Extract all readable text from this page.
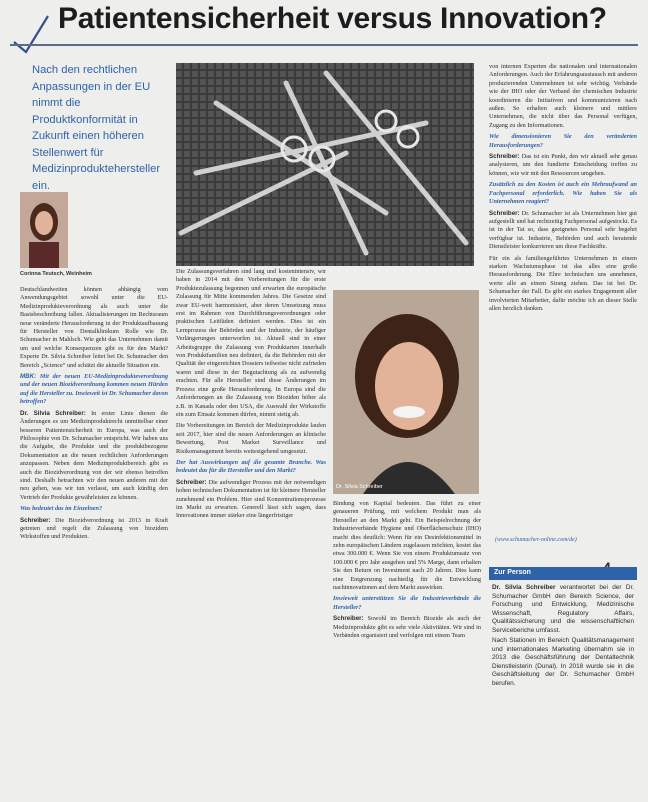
Patientensicherheit versus Innovation?
Nach den rechtlichen Anpassungen in der EU nimmt die Produktkonformität in Zukunft einen höheren Stellenwert für Medizinproduktehersteller ein.
Corinna Teutsch, Weinheim

Deutschlandweiten können abhängig vom Anwendungsgebiet sowohl unter die EU-Medizinprodukteverordnung als auch unter die Basisbeschreibung fallen. Aktualisierungen im Rechtsraum neue veränderte Herausforderung in der Produktaufbauung für Hersteller von Dentalklinikum Rolle wie Dr. Schumacher in Mahlsch. Wie geht das Unternehmen damit um und welche Konsequenzen gibt es für den Markt? Experte Dr. Silvia Schreiber leitet bei Dr. Schumacher den Bereich „Science“ und schätzt die aktuelle Situation ein.

MBK: Mit der neuen EU-Medizinprodukteverordnung und der neuen Biozidverordnung kommen neuen Hürden auf die Hersteller zu. Inwieweit ist Dr. Schumacher davon betroffen?

Dr. Silvia Schreiber: In erster Linie dienen die Änderungen es um Medizinproduktrecht unmittelbar einer besseren Patientensicherheit in Europa, was auch der Philosophie von Dr. Schumacher entspricht. Wir haben uns die Aufgabe, die Produkte und die produktbezogene Dokumentation an die neuen rechtlichen Anforderungen anzupassen. Neben dem Medizinproduktbereich gibt es auch die Biozidverordnung von der wir ebenso betroffen sind. Deshalb betrachten wir den neuen anderen mit der neu gehen, was wir tun verlasst, um auch künftig den Vertrieb der Produkte gewährleisten zu können.

Was bedeutet das im Einzelnen?

Schreiber: Die Biozidverordnung ist 2013 in Kraft getreten und regelt die Zulassung von biozidem Wirkstoffen und Produkten.

Die Zulassungsverfahren sind lang und kostenintensiv, wir haben in 2014 mit den Vorbereitungen für die erste Produktezulassung begonnen und erwarten die europäische Zulassung für Mitte kommenden Jahres. Die Gesetze sind zwar EU-weit harmonisiert, aber deren Umsetzung muss erst im Rahmen von Durchführungsverordnungen oder praktischen Leitfäden definiert werden. Dies ist ein Lernprozess der Behörden und der Industrie, der häufiger Verlängerungen unterworfen ist. Aktuell sind in einer Arbeitsgruppe die Zulassung von Produktarten innerhalb von Produktfamilien neu definiert, da die Behörden mit der Qualität der eingereichten Dossiers teilweise nicht zufrieden waren und diese in der Begutachtung als zu aufwendig erachten. Für alle Hersteller sind diese Änderungen im Prozess eine große Herausforderung. In Europa sind die Anforderungen an die Zulassung von Bioziden höher als z.B. in Kanada oder den USA, die Auswahl der Wirkstoffe ein zum Einsatz kommen dürfen, nimmt stetig ab.

Die Vorbereitungen im Bereich der Medizinprodukte laufen seit 2017, hier sind die neuen Anforderungen an klinische Bewertung, Post Market Surveillance und Risikomanagement bereits weitestgehend umgesetzt.

Der hat Auswirkungen auf die gesamte Branche. Was bedeutet das für die Hersteller und den Markt?

Schreiber: Die aufwendiger Prozess mit der notwendigen hohen technischen Dokumentation ist für kleinere Hersteller zunehmend ein Problem. Hier sind Konzentrationsprozesse im Markt zu erwarten. Generell lässt sich sagen, dass Innovationen immer stärker eine längerfristiger

Dr. Silvia Schreiber

Bindung von Kapital bedeuten. Das führt zu einer genaueren Prüfung, mit welchem Produkt man als Hersteller an den Markt geht. Ein Beispielrechnung der Industrieverbände Hygiene und Oberflächenschutz (IHO) macht dies deutlich: Wenn für ein Desinfektionsmittel in zehn europäischen Ländern zugelassen möchten, kostet das etwa 300.000 €. Wenn Sie von einem Produktumsatz von 100.000 € pro Jahr ausgehen und 5% Marge, dann erhalten Sie den Return on Investment nach 20 Jahren. Dies kann eine Entgrenzung nachteilig für die Entwicklung nachinnovationen auf dem Markt auswirken.

Inwieweit unterstützen Sie die Industrieverbände die Hersteller?

Schreiber: Sowohl im Bereich Biozide als auch der Medizinprodukte gibt es sehr viele Aktivitäten. Wir sind in Verbänden organisiert und verfolgen mit einem Team

von internen Experten die nationalen und internationalen Anforderungen. Auch der Erfahrungsaustausch mit anderen produzierenden Unternehmen ist sehr wichtig. Verbände wie der IHO oder der Verband der chemischen Industrie koordinieren die Initiativen und kommunizieren nach außen. So erhalten auch kleinere und mittlere Unternehmen, die nicht über das Personal verfügen, Zugang zu den Informationen.

Wie dimensionieren Sie den veränderten Herausforderungen?

Schreiber: Das ist ein Punkt, den wir aktuell sehr genau analysieren, um den fundierte Entscheidung treffen zu können, wie wir mit den Ressourcen umgehen.

Zusätzlich zu den Kosten ist auch ein Mehraufwand an Fachpersonal erforderlich. Wie haben Sie als Unternehmen reagiert?

Schreiber: Dr. Schumacher ist als Unternehmen hier gut aufgestellt und hat rechtzeitig Fachpersonal aufgestockt. Es ist in der Tat so, dass geeignetes Personal sehr begehrt verfügbar ist. Industrie, Behörden und auch beratende Dienstleister konkurrieren um diese Fachkräfte.

Für ein als familiengeführtes Unternehmen in einem starken Wachstumsphase ist das alles eine große Herausforderung. Die Ehre technischen uns annehmen, werte alle an einem Strang ziehen. Das ist bei Dr. Schumacher der Fall. Es gibt ein starkes Engagement aller involvierten Mitarbeiter, dafür möchte ich an dieser Stelle allen herzlich danken.

(www.schumacher-online.com/de)
Zur Person

Dr. Silvia Schreiber verantwortet bei der Dr. Schumacher GmbH den Bereich Science, der Forschung und Entwicklung, Medizinische Wissenschaft, Regulatory Affairs, Qualitätssicherung und die wissenschaftlichen Serviceberiche umfasst.

Nach Stationen im Bereich Qualitätsmanagement und internationales Marketing übernahm sie in 2013 die Geschäftsführung der Dentaltechnik Dienstleisterin (Dunal). In 2018 wurde sie in die Geschäftsleitung der Dr. Schumacher GmbH berufen.
